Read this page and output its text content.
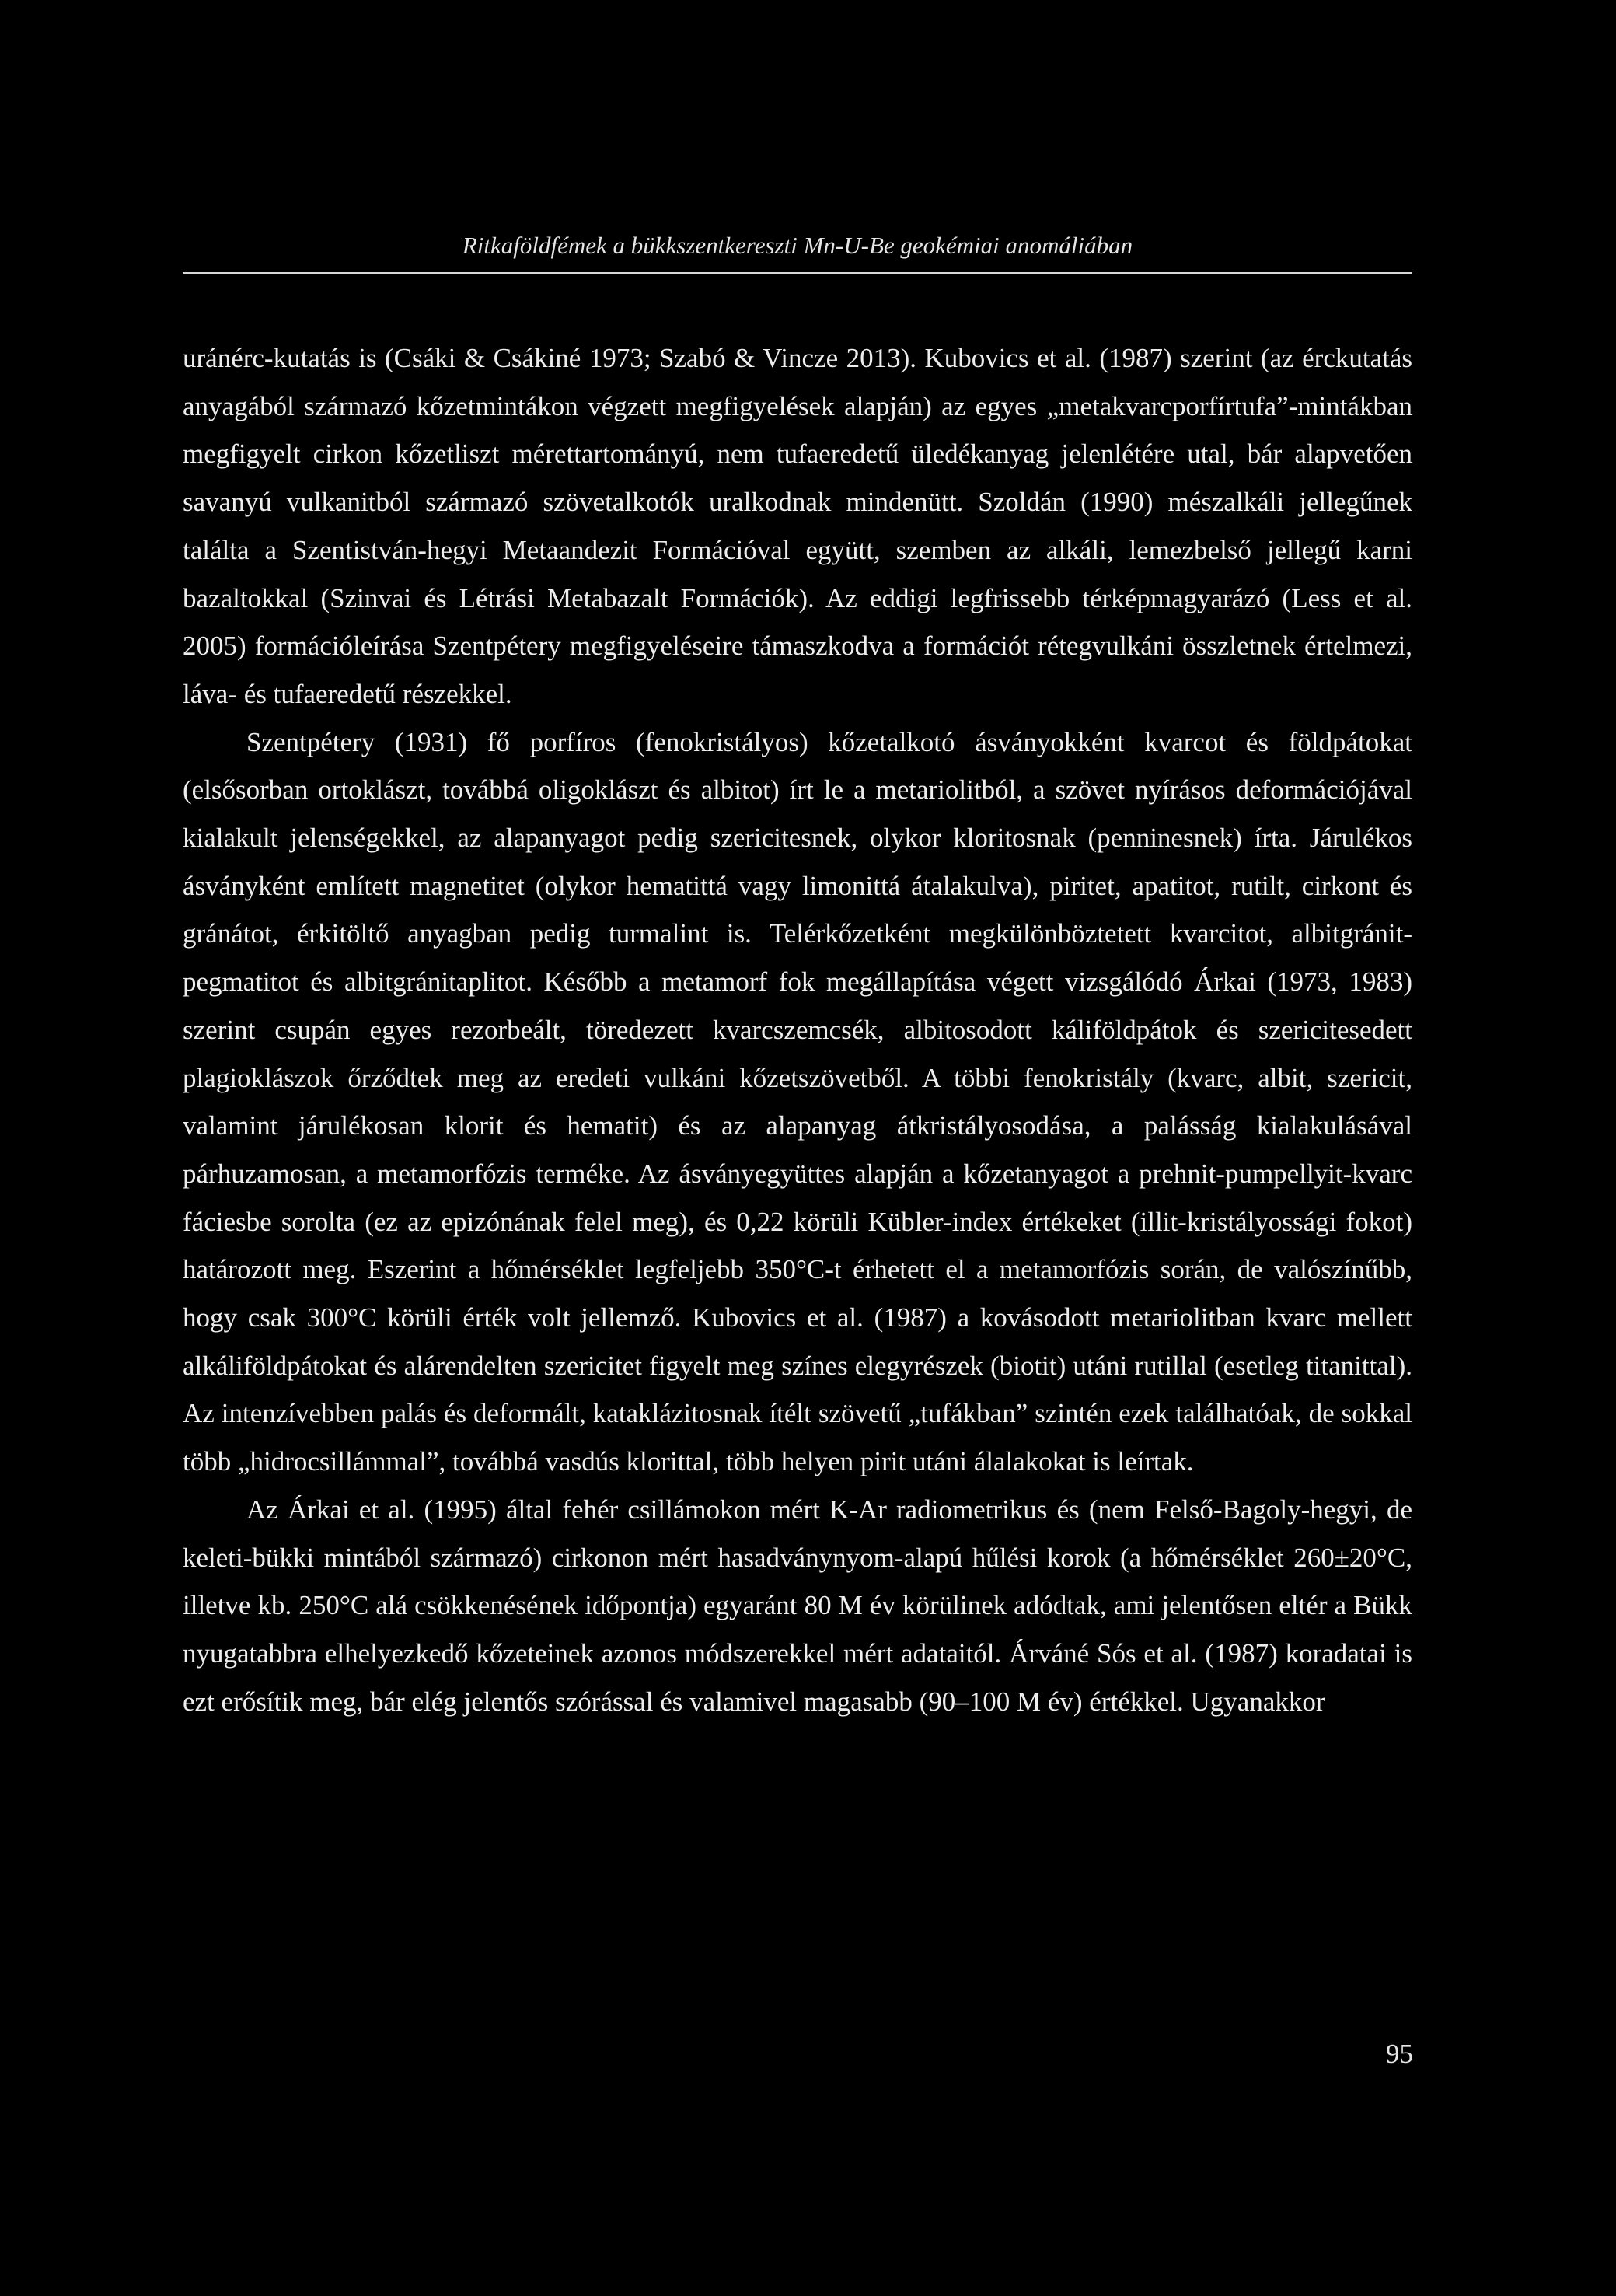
Ritkaföldfémek a bükkszentkereszti Mn-U-Be geokémiai anomáliában

uránérc-kutatás is (Csáki & Csákiné 1973; Szabó & Vincze 2013). Kubovics et al. (1987) szerint (az érckutatás anyagából származó kőzetmintákon végzett megfigyelések alapján) az egyes „metakvarcporfírtufa”-mintákban megfigyelt cirkon kőzetliszt mérettartományú, nem tufaeredetű üledékanyag jelenlétére utal, bár alapvetően savanyú vulkanitból származó szövetalkotók uralkodnak mindenütt. Szoldán (1990) mészalkáli jellegűnek találta a Szentistván-hegyi Metaandezit Formációval együtt, szemben az alkáli, lemezbelső jellegű karni bazaltokkal (Szinvai és Létrási Metabazalt Formációk). Az eddigi legfrissebb térképmagyarázó (Less et al. 2005) formációleírása Szentpétery megfigyeléseire támaszkodva a formációt rétegvulkáni összletnek értelmezi, láva- és tufaeredetű részekkel.

Szentpétery (1931) fő porfíros (fenokristályos) kőzetalkotó ásványokként kvarcot és földpátokat (elsősorban ortoklászt, továbbá oligoklászt és albitot) írt le a metariolitból, a szövet nyírásos deformációjával kialakult jelenségekkel, az alapanyagot pedig szericitesnek, olykor kloritosnak (penninesnek) írta. Járulékos ásványként említett magnetitet (olykor hematittá vagy limonittá átalakulva), piritet, apatitot, rutilt, cirkont és gránátot, érkitöltő anyagban pedig turmalint is. Telérkőzetként megkülönböztetett kvarcitot, albitgránit-pegmatitot és albitgránitaplitot. Később a metamorf fok megállapítása végett vizsgálódó Árkai (1973, 1983) szerint csupán egyes rezorbeált, töredezett kvarcszemcsék, albitosodott káliföldpátok és szericitesedett plagioklászok őrződtek meg az eredeti vulkáni kőzetszövetből. A többi fenokristály (kvarc, albit, szericit, valamint járulékosan klorit és hematit) és az alapanyag átkristályosodása, a palásság kialakulásával párhuzamosan, a metamorfózis terméke. Az ásványegyüttes alapján a kőzetanyagot a prehnit-pumpellyit-kvarc fáciesbe sorolta (ez az epizónának felel meg), és 0,22 körüli Kübler-index értékeket (illit-kristályossági fokot) határozott meg. Eszerint a hőmérséklet legfeljebb 350°C-t érhetett el a metamorfózis során, de valószínűbb, hogy csak 300°C körüli érték volt jellemző. Kubovics et al. (1987) a kovásodott metariolitban kvarc mellett alkáliföldpátokat és alárendelten szericitet figyelt meg színes elegyrészek (biotit) utáni rutillal (esetleg titanittal). Az intenzívebben palás és deformált, kataklázitosnak ítélt szövetű „tufákban” szintén ezek találhatóak, de sokkal több „hidrocsillámmal”, továbbá vasdús klorittal, több helyen pirit utáni álalakokat is leírtak.

Az Árkai et al. (1995) által fehér csillámokon mért K-Ar radiometrikus és (nem Felső-Bagoly-hegyi, de keleti-bükki mintából származó) cirkonon mért hasadványnyom-alapú hűlési korok (a hőmérséklet 260±20°C, illetve kb. 250°C alá csökkenésének időpontja) egyaránt 80 M év körülinek adódtak, ami jelentősen eltér a Bükk nyugatabbra elhelyezkedő kőzeteinek azonos módszerekkel mért adataitól. Árváné Sós et al. (1987) koradatai is ezt erősítik meg, bár elég jelentős szórással és valamivel magasabb (90–100 M év) értékkel. Ugyanakkor

95
